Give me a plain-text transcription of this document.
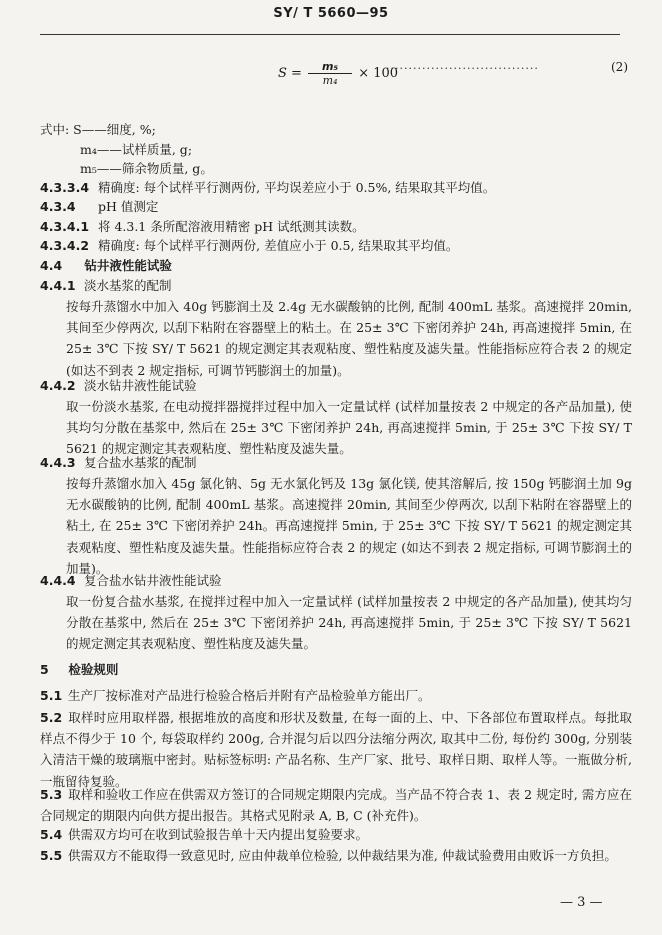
SY/ T 5660—95
$S = \frac{\text{m₅}}{\text{m₄}} \times 100$
··································	(2)
式中: S——细度, %;
m₄——试样质量, g;
m₅——筛余物质量, g。
4.3.3.4 精确度: 每个试样平行测两份, 平均误差应小于 0.5%, 结果取其平均值。
4.3.4 pH 值测定
4.3.4.1 将 4.3.1 条所配溶液用精密 pH 试纸测其读数。
4.3.4.2 精确度: 每个试样平行测两份, 差值应小于 0.5, 结果取其平均值。
4.4 钻井液性能试验
4.4.1 淡水基浆的配制
按每升蒸馏水中加入 40g 钙膨润土及 2.4g 无水碳酸钠的比例, 配制 400mL 基浆。高速搅拌 20min, 其间至少停两次, 以刮下粘附在容器壁上的粘土。在 25± 3℃ 下密闭养护 24h, 再高速搅拌 5min, 在 25± 3℃ 下按 SY/ T 5621 的规定测定其表观粘度、塑性粘度及滤失量。性能指标应符合表 2 的规定 (如达不到表 2 规定指标, 可调节钙膨润土的加量)。
4.4.2 淡水钻井液性能试验
取一份淡水基浆, 在电动搅拌器搅拌过程中加入一定量试样 (试样加量按表 2 中规定的各产品加量), 使其均匀分散在基浆中, 然后在 25± 3℃ 下密闭养护 24h, 再高速搅拌 5min, 于 25± 3℃ 下按 SY/ T 5621 的规定测定其表观粘度、塑性粘度及滤失量。
4.4.3 复合盐水基浆的配制
按每升蒸馏水加入 45g 氯化钠、5g 无水氯化钙及 13g 氯化镁, 使其溶解后, 按 150g 钙膨润土加 9g 无水碳酸钠的比例, 配制 400mL 基浆。高速搅拌 20min, 其间至少停两次, 以刮下粘附在容器壁上的粘土, 在 25± 3℃ 下密闭养护 24h。再高速搅拌 5min, 于 25± 3℃ 下按 SY/ T 5621 的规定测定其表观粘度、塑性粘度及滤失量。性能指标应符合表 2 的规定 (如达不到表 2 规定指标, 可调节膨润土的加量)。
4.4.4 复合盐水钻井液性能试验
取一份复合盐水基浆, 在搅拌过程中加入一定量试样 (试样加量按表 2 中规定的各产品加量), 使其均匀分散在基浆中, 然后在 25± 3℃ 下密闭养护 24h, 再高速搅拌 5min, 于 25± 3℃ 下按 SY/ T 5621 的规定测定其表观粘度、塑性粘度及滤失量。
5 检验规则
5.1 生产厂按标准对产品进行检验合格后并附有产品检验单方能出厂。
5.2 取样时应用取样器, 根据堆放的高度和形状及数量, 在每一面的上、中、下各部位布置取样点。每批取样点不得少于 10 个, 每袋取样约 200g, 合并混匀后以四分法缩分两次, 取其中二份, 每份约 300g, 分别装入清洁干燥的玻璃瓶中密封。贴标签标明: 产品名称、生产厂家、批号、取样日期、取样人等。一瓶做分析, 一瓶留待复验。
5.3 取样和验收工作应在供需双方签订的合同规定期限内完成。当产品不符合表 1、表 2 规定时, 需方应在合同规定的期限内向供方提出报告。其格式见附录 A, B, C (补充件)。
5.4 供需双方均可在收到试验报告单十天内提出复验要求。
5.5 供需双方不能取得一致意见时, 应由仲裁单位检验, 以仲裁结果为准, 仲裁试验费用由败诉一方负担。
— 3 —
